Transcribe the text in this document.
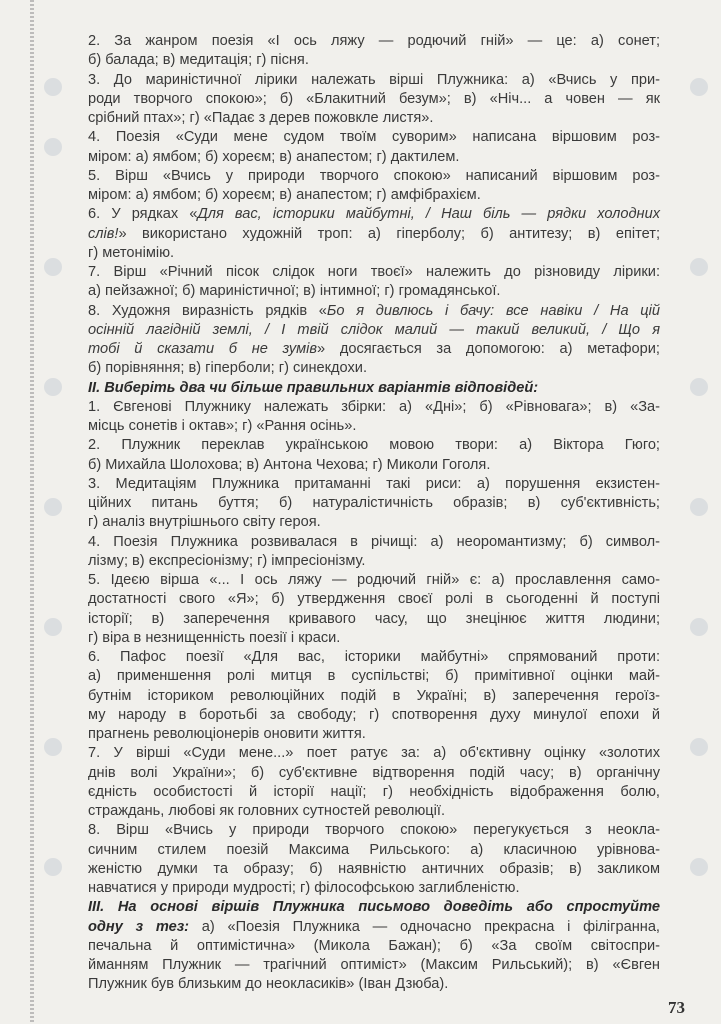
2. За жанром поезія «І ось ляжу — родючий гній» — це: а) сонет;
б) балада; в) медитація; г) пісня.
3. До маринiстичної лірики належать вірші Плужника: а) «Вчись у при-
роди творчого спокою»; б) «Блакитний безум»; в) «Ніч... а човен — як
срібний птах»; г) «Падає з дерев пожовкле листя».
4. Поезія «Суди мене судом твоїм суворим» написана віршовим роз-
міром: а) ямбом; б) хореєм; в) анапестом; г) дактилем.
5. Вірш «Вчись у природи творчого спокою» написаний віршовим роз-
міром: а) ямбом; б) хореєм; в) анапестом; г) амфібрахієм.
6. У рядках «Для вас, історики майбутні, / Наш біль — рядки холодних
слів!» використано художній троп: а) гіперболу; б) антитезу; в) епітет;
г) метонімію.
7. Вірш «Річний пісок слідок ноги твоєї» належить до різновиду лірики:
а) пейзажної; б) мариністичної; в) інтимної; г) громадянської.
8. Художня виразність рядків «Бо я дивлюсь і бачу: все навіки / На цій
осінній лагідній землі, / І твій слідок малий — такий великий, / Що я
тобі й сказати б не зумів» досягається за допомогою: а) метафори;
б) порівняння; в) гіперболи; г) синекдохи.
ІІ. Виберіть два чи більше правильних варіантів відповідей:
1. Євгенові Плужнику належать збірки: а) «Дні»; б) «Рівновага»; в) «За-
місць сонетів і октав»; г) «Рання осінь».
2. Плужник переклав українською мовою твори: а) Віктора Гюго;
б) Михайла Шолохова; в) Антона Чехова; г) Миколи Гоголя.
3. Медитаціям Плужника притаманні такі риси: а) порушення екзистен-
ційних питань буття; б) натуралістичність образів; в) суб'єктивність;
г) аналіз внутрішнього світу героя.
4. Поезія Плужника розвивалася в річищі: а) неоромантизму; б) символ-
лізму; в) експресіонізму; г) імпресіонізму.
5. Ідеєю вірша «... І ось ляжу — родючий гній» є: а) прославлення само-
достатності свого «Я»; б) утвердження своєї ролі в сьогоденні й поступі
історії; в) заперечення кривавого часу, що знецінює життя людини;
г) віра в незнищенність поезії і краси.
6. Пафос поезії «Для вас, історики майбутні» спрямований проти:
а) применшення ролі митця в суспільстві; б) примітивної оцінки май-
бутнім істориком революційних подій в Україні; в) заперечення героїз-
му народу в боротьбі за свободу; г) спотворення духу минулої епохи й
прагнень революціонерів оновити життя.
7. У вірші «Суди мене...» поет ратує за: а) об'єктивну оцінку «золотих
днів волі України»; б) суб'єктивне відтворення подій часу; в) органічну
єдність особистості й історії нації; г) необхідність відображення болю,
страждань, любові як головних сутностей революції.
8. Вірш «Вчись у природи творчого спокою» перегукується з неокла-
сичним стилем поезій Максима Рильського: а) класичною урівнова-
женістю думки та образу; б) наявністю античних образів; в) закликом
навчатися у природи мудрості; г) філософською заглибленістю.
ІІІ. На основі віршів Плужника письмово доведіть або спростуйте
одну з тез: а) «Поезія Плужника — одночасно прекрасна і філігранна,
печальна й оптимістична» (Микола Бажан); б) «За своїм світоспри-
йманням Плужник — трагічний оптиміст» (Максим Рильський); в) «Євген
Плужник був близьким до неокласиків» (Іван Дзюба).
73
